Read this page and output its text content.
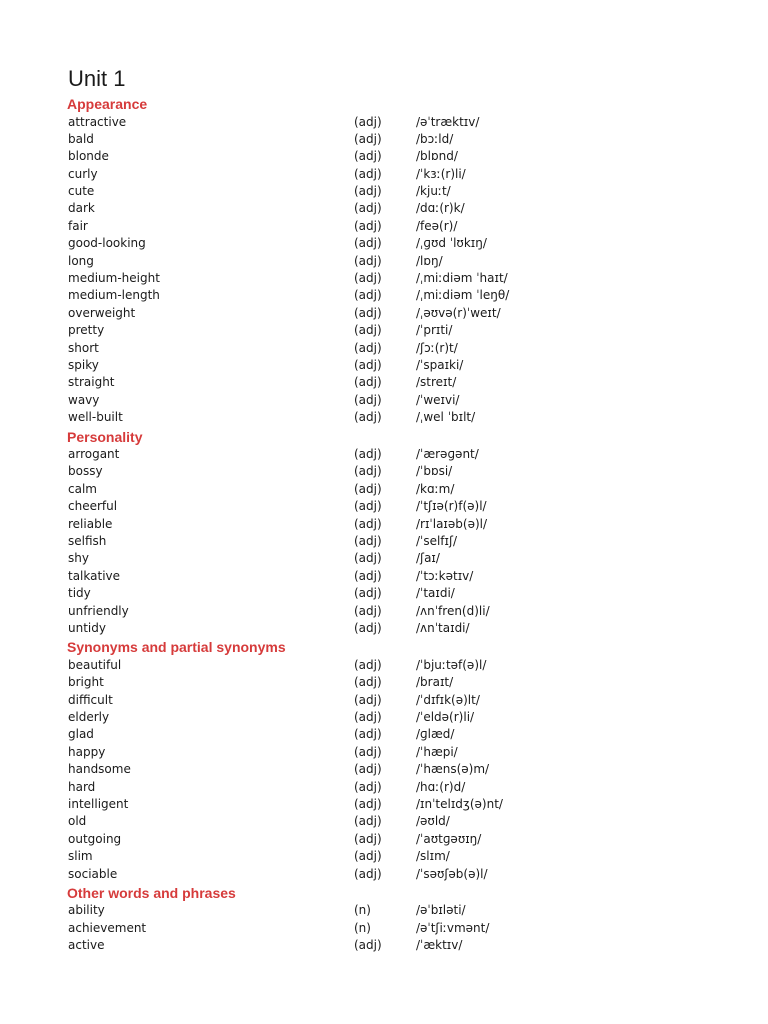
Unit 1
Appearance
attractive	(adj)	/əˈtræktɪv/
bald	(adj)	/bɔːld/
blonde	(adj)	/blɒnd/
curly	(adj)	/ˈkɜː(r)li/
cute	(adj)	/kjuːt/
dark	(adj)	/dɑː(r)k/
fair	(adj)	/feə(r)/
good-looking	(adj)	/ˌɡʊd ˈlʊkɪŋ/
long	(adj)	/lɒŋ/
medium-height	(adj)	/ˌmiːdiəm ˈhaɪt/
medium-length	(adj)	/ˌmiːdiəm ˈleŋθ/
overweight	(adj)	/ˌəʊvə(r)ˈweɪt/
pretty	(adj)	/ˈprɪti/
short	(adj)	/ʃɔː(r)t/
spiky	(adj)	/ˈspaɪki/
straight	(adj)	/streɪt/
wavy	(adj)	/ˈweɪvi/
well-built	(adj)	/ˌwel ˈbɪlt/
Personality
arrogant	(adj)	/ˈærəɡənt/
bossy	(adj)	/ˈbɒsi/
calm	(adj)	/kɑːm/
cheerful	(adj)	/ˈtʃɪə(r)f(ə)l/
reliable	(adj)	/rɪˈlaɪəb(ə)l/
selfish	(adj)	/ˈselfɪʃ/
shy	(adj)	/ʃaɪ/
talkative	(adj)	/ˈtɔːkətɪv/
tidy	(adj)	/ˈtaɪdi/
unfriendly	(adj)	/ʌnˈfren(d)li/
untidy	(adj)	/ʌnˈtaɪdi/
Synonyms and partial synonyms
beautiful	(adj)	/ˈbjuːtəf(ə)l/
bright	(adj)	/braɪt/
difficult	(adj)	/ˈdɪfɪk(ə)lt/
elderly	(adj)	/ˈeldə(r)li/
glad	(adj)	/ɡlæd/
happy	(adj)	/ˈhæpi/
handsome	(adj)	/ˈhæns(ə)m/
hard	(adj)	/hɑː(r)d/
intelligent	(adj)	/ɪnˈtelɪdʒ(ə)nt/
old	(adj)	/əʊld/
outgoing	(adj)	/ˈaʊtɡəʊɪŋ/
slim	(adj)	/slɪm/
sociable	(adj)	/ˈsəʊʃəb(ə)l/
Other words and phrases
ability	(n)	/əˈbɪləti/
achievement	(n)	/əˈtʃiːvmənt/
active	(adj)	/ˈæktɪv/
